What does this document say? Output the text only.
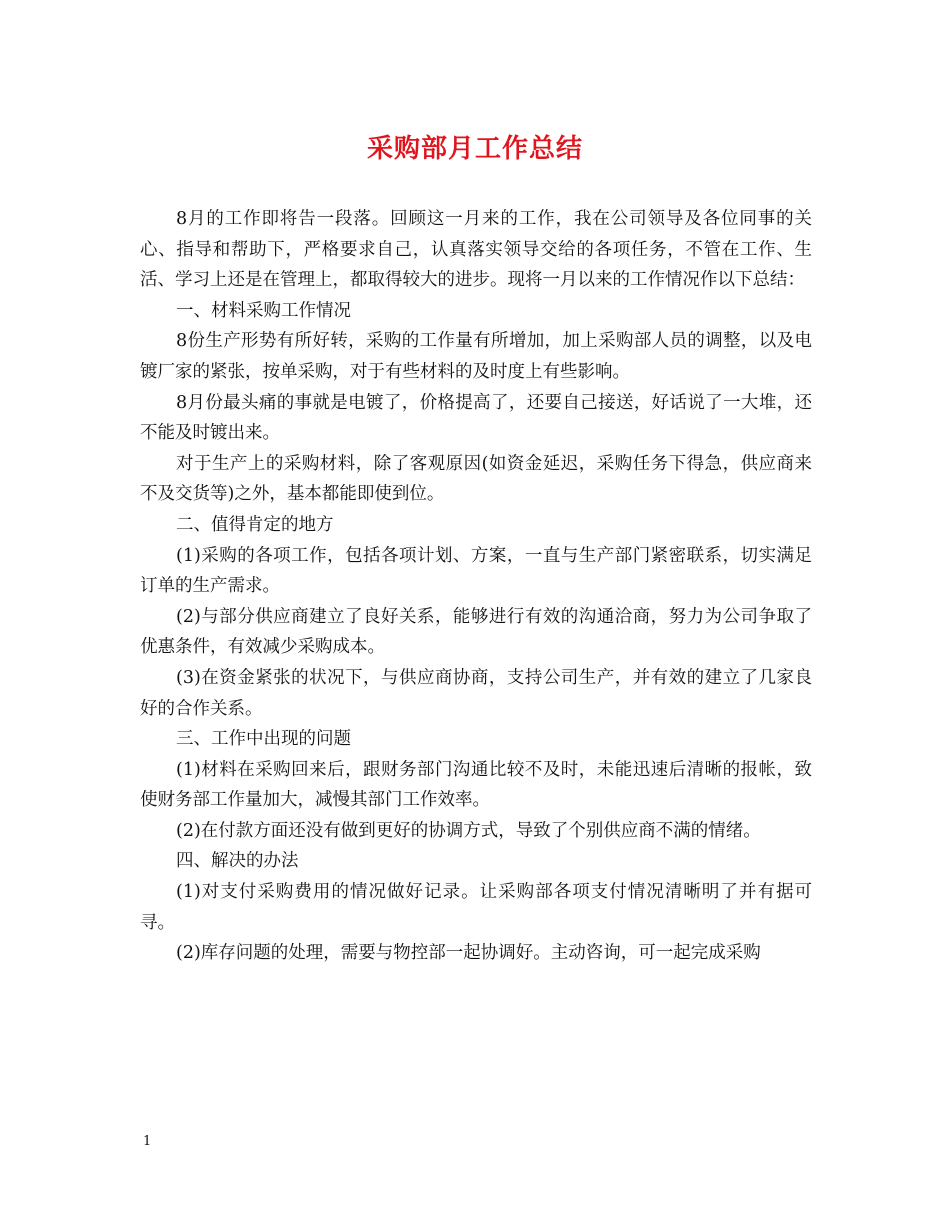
采购部月工作总结

8月的工作即将告一段落。回顾这一月来的工作，我在公司领导及各位同事的关心、指导和帮助下，严格要求自己，认真落实领导交给的各项任务，不管在工作、生活、学习上还是在管理上，都取得较大的进步。现将一月以来的工作情况作以下总结：

一、材料采购工作情况

8份生产形势有所好转，采购的工作量有所增加，加上采购部人员的调整，以及电镀厂家的紧张，按单采购，对于有些材料的及时度上有些影响。

8月份最头痛的事就是电镀了，价格提高了，还要自己接送，好话说了一大堆，还不能及时镀出来。

对于生产上的采购材料，除了客观原因(如资金延迟，采购任务下得急，供应商来不及交货等)之外，基本都能即使到位。

二、值得肯定的地方

(1)采购的各项工作，包括各项计划、方案，一直与生产部门紧密联系，切实满足订单的生产需求。

(2)与部分供应商建立了良好关系，能够进行有效的沟通洽商，努力为公司争取了优惠条件，有效减少采购成本。

(3)在资金紧张的状况下，与供应商协商，支持公司生产，并有效的建立了几家良好的合作关系。

三、工作中出现的问题

(1)材料在采购回来后，跟财务部门沟通比较不及时，未能迅速后清晰的报帐，致使财务部工作量加大，减慢其部门工作效率。

(2)在付款方面还没有做到更好的协调方式，导致了个别供应商不满的情绪。

四、解决的办法

(1)对支付采购费用的情况做好记录。让采购部各项支付情况清晰明了并有据可寻。

(2)库存问题的处理，需要与物控部一起协调好。主动咨询，可一起完成采购

1
